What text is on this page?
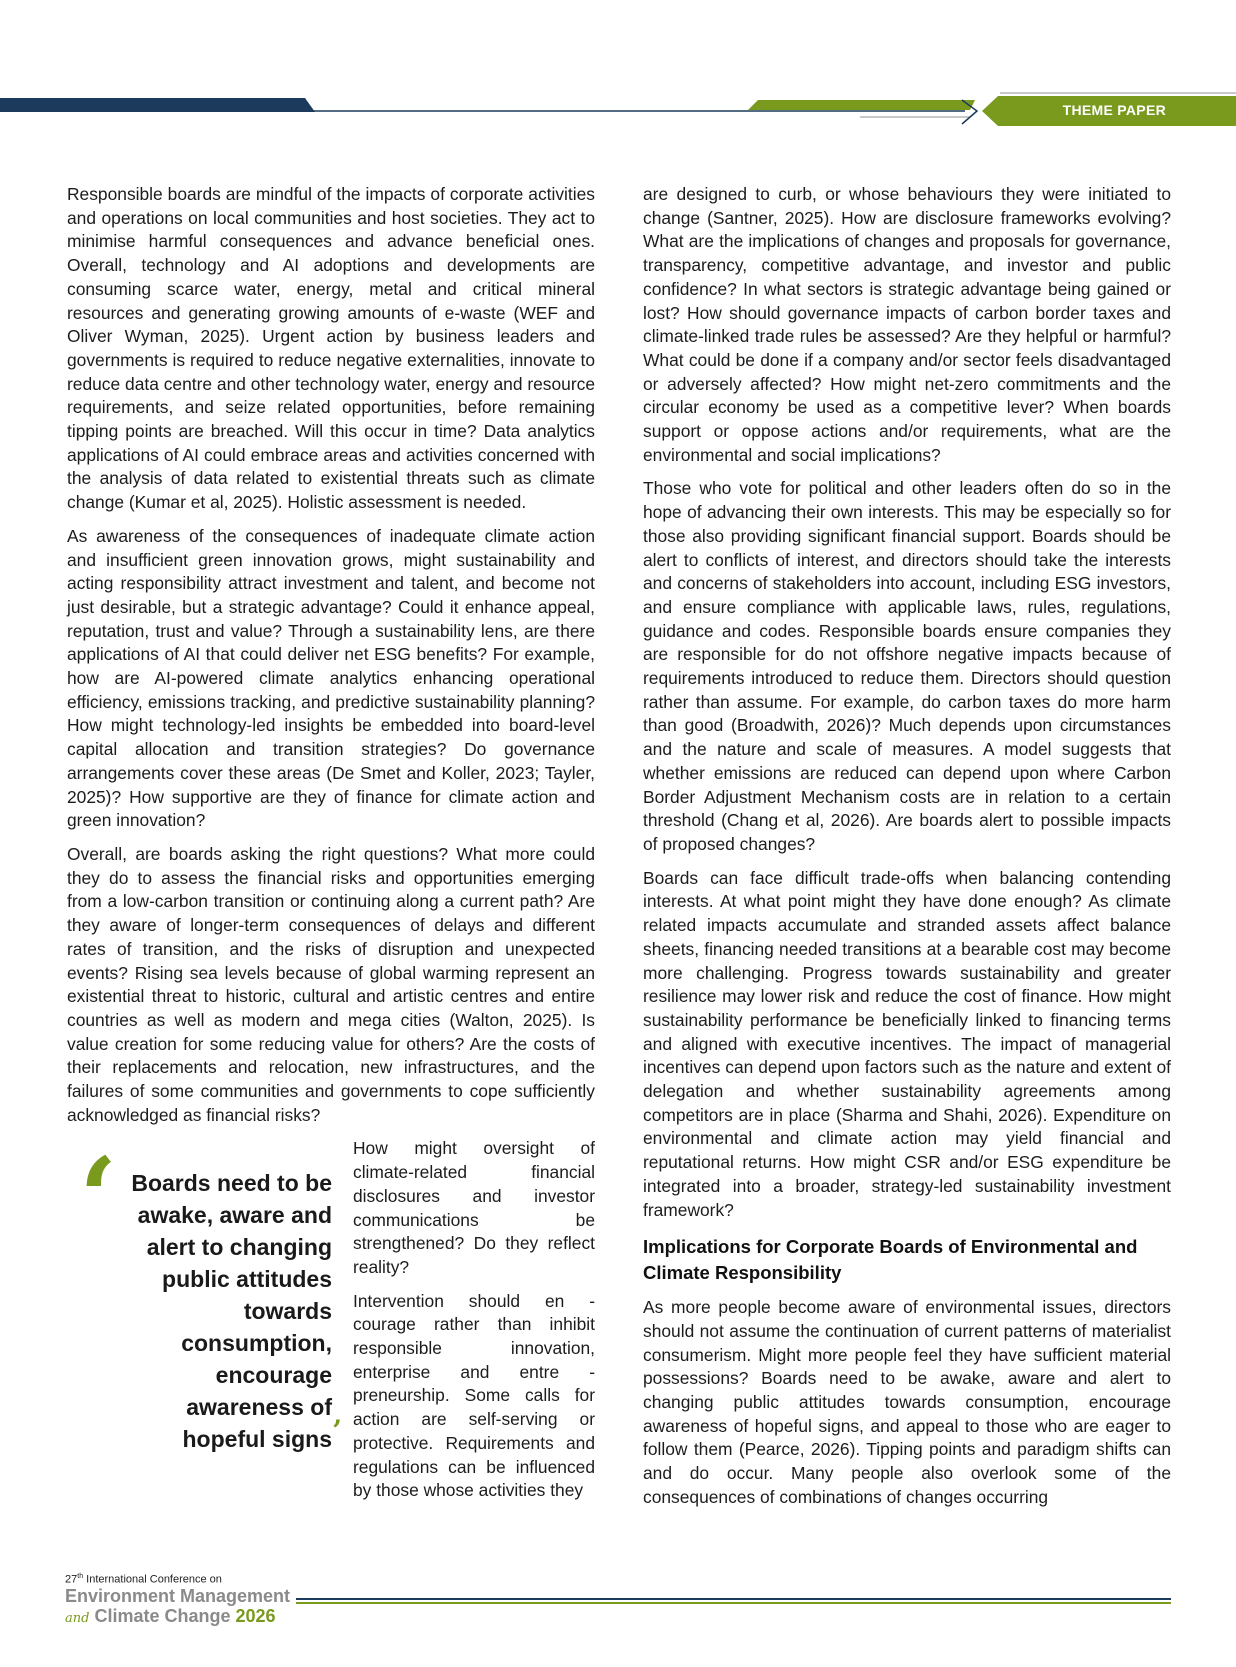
THEME PAPER

Responsible boards are mindful of the impacts of corporate activities and operations on local communities and host societies. They act to minimise harmful consequences and advance beneficial ones. Overall, technology and AI adoptions and developments are consuming scarce water, energy, metal and critical mineral resources and generating growing amounts of e-waste (WEF and Oliver Wyman, 2025). Urgent action by business leaders and governments is required to reduce negative externalities, innovate to reduce data centre and other technology water, energy and resource requirements, and seize related opportunities, before remaining tipping points are breached. Will this occur in time? Data analytics applications of AI could embrace areas and activities concerned with the analysis of data related to existential threats such as climate change (Kumar et al, 2025). Holistic assessment is needed.

As awareness of the consequences of inadequate climate action and insufficient green innovation grows, might sustainability and acting responsibility attract investment and talent, and become not just desirable, but a strategic advantage? Could it enhance appeal, reputation, trust and value? Through a sustainability lens, are there applications of AI that could deliver net ESG benefits? For example, how are AI-powered climate analytics enhancing operational efficiency, emissions tracking, and predictive sustainability planning? How might technology-led insights be embedded into board-level capital allocation and transition strategies? Do governance arrangements cover these areas (De Smet and Koller, 2023; Tayler, 2025)? How supportive are they of finance for climate action and green innovation?

Overall, are boards asking the right questions? What more could they do to assess the financial risks and opportunities emerging from a low-carbon transition or continuing along a current path? Are they aware of longer-term consequences of delays and different rates of transition, and the risks of disruption and unexpected events? Rising sea levels because of global warming represent an existential threat to historic, cultural and artistic centres and entire countries as well as modern and mega cities (Walton, 2025). Is value creation for some reducing value for others? Are the costs of their replacements and relocation, new infrastructures, and the failures of some communities and governments to cope sufficiently acknowledged as financial risks?

‘ Boards need to be awake, aware and alert to changing public attitudes towards consumption, encourage awareness of hopeful signs ’

How might oversight of climate-related financial disclosures and investor communications be strengthened? Do they reflect reality?

Intervention should en - courage rather than inhibit responsible innovation, enterprise and entre - preneurship. Some calls for action are self-serving or protective. Requirements and regulations can be influenced by those whose activities they

are designed to curb, or whose behaviours they were initiated to change (Santner, 2025). How are disclosure frameworks evolving? What are the implications of changes and proposals for governance, transparency, competitive advantage, and investor and public confidence? In what sectors is strategic advantage being gained or lost? How should governance impacts of carbon border taxes and climate-linked trade rules be assessed? Are they helpful or harmful? What could be done if a company and/or sector feels disadvantaged or adversely affected? How might net-zero commitments and the circular economy be used as a competitive lever? When boards support or oppose actions and/or requirements, what are the environmental and social implications?

Those who vote for political and other leaders often do so in the hope of advancing their own interests. This may be especially so for those also providing significant financial support. Boards should be alert to conflicts of interest, and directors should take the interests and concerns of stakeholders into account, including ESG investors, and ensure compliance with applicable laws, rules, regulations, guidance and codes. Responsible boards ensure companies they are responsible for do not offshore negative impacts because of requirements introduced to reduce them. Directors should question rather than assume. For example, do carbon taxes do more harm than good (Broadwith, 2026)? Much depends upon circumstances and the nature and scale of measures. A model suggests that whether emissions are reduced can depend upon where Carbon Border Adjustment Mechanism costs are in relation to a certain threshold (Chang et al, 2026). Are boards alert to possible impacts of proposed changes?

Boards can face difficult trade-offs when balancing contending interests. At what point might they have done enough? As climate related impacts accumulate and stranded assets affect balance sheets, financing needed transitions at a bearable cost may become more challenging. Progress towards sustainability and greater resilience may lower risk and reduce the cost of finance. How might sustainability performance be beneficially linked to financing terms and aligned with executive incentives. The impact of managerial incentives can depend upon factors such as the nature and extent of delegation and whether sustainability agreements among competitors are in place (Sharma and Shahi, 2026). Expenditure on environmental and climate action may yield financial and reputational returns. How might CSR and/or ESG expenditure be integrated into a broader, strategy-led sustainability investment framework?

Implications for Corporate Boards of Environmental and Climate Responsibility

As more people become aware of environmental issues, directors should not assume the continuation of current patterns of materialist consumerism. Might more people feel they have sufficient material possessions? Boards need to be awake, aware and alert to changing public attitudes towards consumption, encourage awareness of hopeful signs, and appeal to those who are eager to follow them (Pearce, 2026). Tipping points and paradigm shifts can and do occur. Many people also overlook some of the consequences of combinations of changes occurring

27th International Conference on
Environment Management
and Climate Change 2026
